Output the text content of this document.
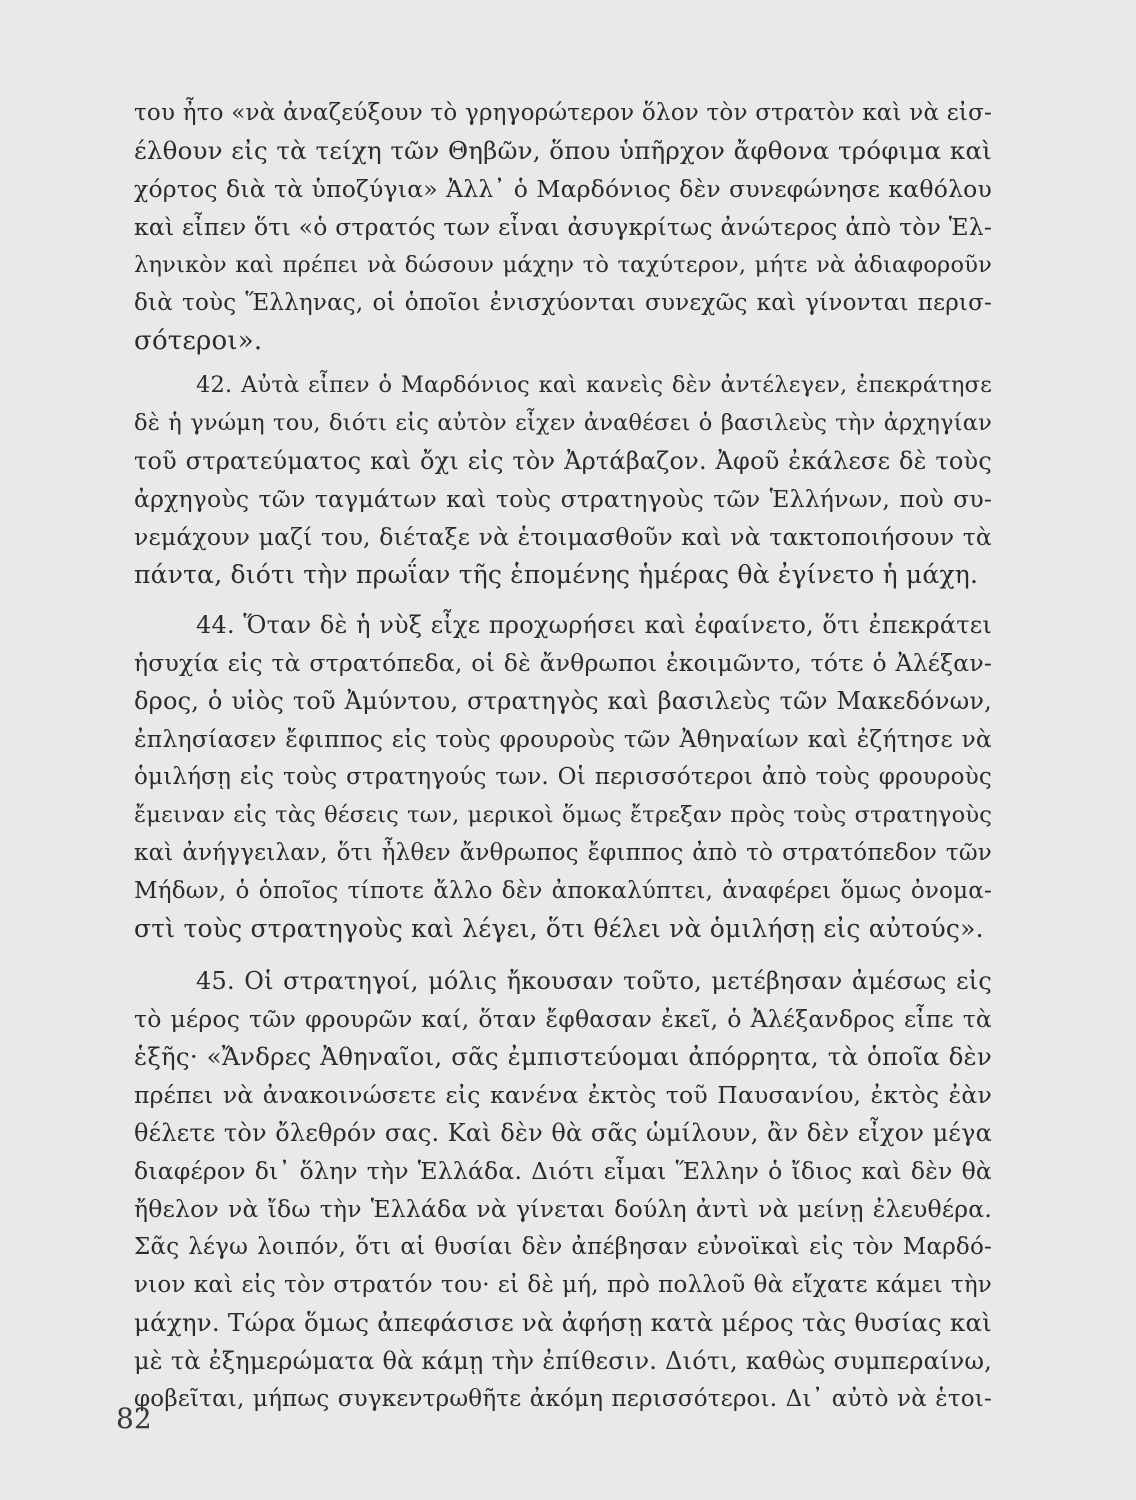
του ἦτο «νὰ ἀναζεύξουν τὸ γρηγορώτερον ὅλον τὸν στρατὸν καὶ νὰ εἰσ-
έλθουν εἰς τὰ τείχη τῶν Θηβῶν, ὅπου ὑπῆρχον ἄφθονα τρόφιμα καὶ
χόρτος διὰ τὰ ὑποζύγια» Ἀλλ᾽ ὁ Μαρδόνιος δὲν συνεφώνησε καθόλου
καὶ εἶπεν ὅτι «ὁ στρατός των εἶναι ἀσυγκρίτως ἀνώτερος ἀπὸ τὸν Ἑλ-
ληνικὸν καὶ πρέπει νὰ δώσουν μάχην τὸ ταχύτερον, μήτε νὰ ἀδιαφοροῦν
διὰ τοὺς Ἕλληνας, οἱ ὁποῖοι ἐνισχύονται συνεχῶς καὶ γίνονται περισ-
σότεροι».
42. Αὐτὰ εἶπεν ὁ Μαρδόνιος καὶ κανεὶς δὲν ἀντέλεγεν, ἐπεκράτησε
δὲ ἡ γνώμη του, διότι εἰς αὐτὸν εἶχεν ἀναθέσει ὁ βασιλεὺς τὴν ἀρχηγίαν
τοῦ στρατεύματος καὶ ὄχι εἰς τὸν Ἀρτάβαζον. Ἀφοῦ ἐκάλεσε δὲ τοὺς
ἀρχηγοὺς τῶν ταγμάτων καὶ τοὺς στρατηγοὺς τῶν Ἑλλήνων, ποὺ συ-
νεμάχουν μαζί του, διέταξε νὰ ἑτοιμασθοῦν καὶ νὰ τακτοποιήσουν τὰ
πάντα, διότι τὴν πρωΐαν τῆς ἑπομένης ἡμέρας θὰ ἐγίνετο ἡ μάχη.
44. Ὅταν δὲ ἡ νὺξ εἶχε προχωρήσει καὶ ἐφαίνετο, ὅτι ἐπεκράτει
ἡσυχία εἰς τὰ στρατόπεδα, οἱ δὲ ἄνθρωποι ἐκοιμῶντο, τότε ὁ Ἀλέξαν-
δρος, ὁ υἱὸς τοῦ Ἀμύντου, στρατηγὸς καὶ βασιλεὺς τῶν Μακεδόνων,
ἐπλησίασεν ἔφιππος εἰς τοὺς φρουροὺς τῶν Ἀθηναίων καὶ ἐζήτησε νὰ
ὁμιλήσῃ εἰς τοὺς στρατηγούς των. Οἱ περισσότεροι ἀπὸ τοὺς φρουροὺς
ἔμειναν εἰς τὰς θέσεις των, μερικοὶ ὅμως ἔτρεξαν πρὸς τοὺς στρατηγοὺς
καὶ ἀνήγγειλαν, ὅτι ἦλθεν ἄνθρωπος ἔφιππος ἀπὸ τὸ στρατόπεδον τῶν
Μήδων, ὁ ὁποῖος τίποτε ἄλλο δὲν ἀποκαλύπτει, ἀναφέρει ὅμως ὀνομα-
στὶ τοὺς στρατηγοὺς καὶ λέγει, ὅτι θέλει νὰ ὁμιλήσῃ εἰς αὐτούς».
45. Οἱ στρατηγοί, μόλις ἤκουσαν τοῦτο, μετέβησαν ἀμέσως εἰς
τὸ μέρος τῶν φρουρῶν καί, ὅταν ἔφθασαν ἐκεῖ, ὁ Ἀλέξανδρος εἶπε τὰ
ἑξῆς· «Ἄνδρες Ἀθηναῖοι, σᾶς ἐμπιστεύομαι ἀπόρρητα, τὰ ὁποῖα δὲν
πρέπει νὰ ἀνακοινώσετε εἰς κανένα ἐκτὸς τοῦ Παυσανίου, ἐκτὸς ἐὰν
θέλετε τὸν ὄλεθρόν σας. Καὶ δὲν θὰ σᾶς ὡμίλουν, ἂν δὲν εἶχον μέγα
διαφέρον δι᾽ ὅλην τὴν Ἑλλάδα. Διότι εἶμαι Ἕλλην ὁ ἴδιος καὶ δὲν θὰ
ἤθελον νὰ ἴδω τὴν Ἑλλάδα νὰ γίνεται δούλη ἀντὶ νὰ μείνῃ ἐλευθέρα.
Σᾶς λέγω λοιπόν, ὅτι αἱ θυσίαι δὲν ἀπέβησαν εὐνοϊκαὶ εἰς τὸν Μαρδό-
νιον καὶ εἰς τὸν στρατόν του· εἰ δὲ μή, πρὸ πολλοῦ θὰ εἴχατε κάμει τὴν
μάχην. Τώρα ὅμως ἀπεφάσισε νὰ ἀφήσῃ κατὰ μέρος τὰς θυσίας καὶ
μὲ τὰ ἐξημερώματα θὰ κάμῃ τὴν ἐπίθεσιν. Διότι, καθὼς συμπεραίνω,
φοβεῖται, μήπως συγκεντρωθῆτε ἀκόμη περισσότεροι. Δι᾽ αὐτὸ νὰ ἑτοι-
82
